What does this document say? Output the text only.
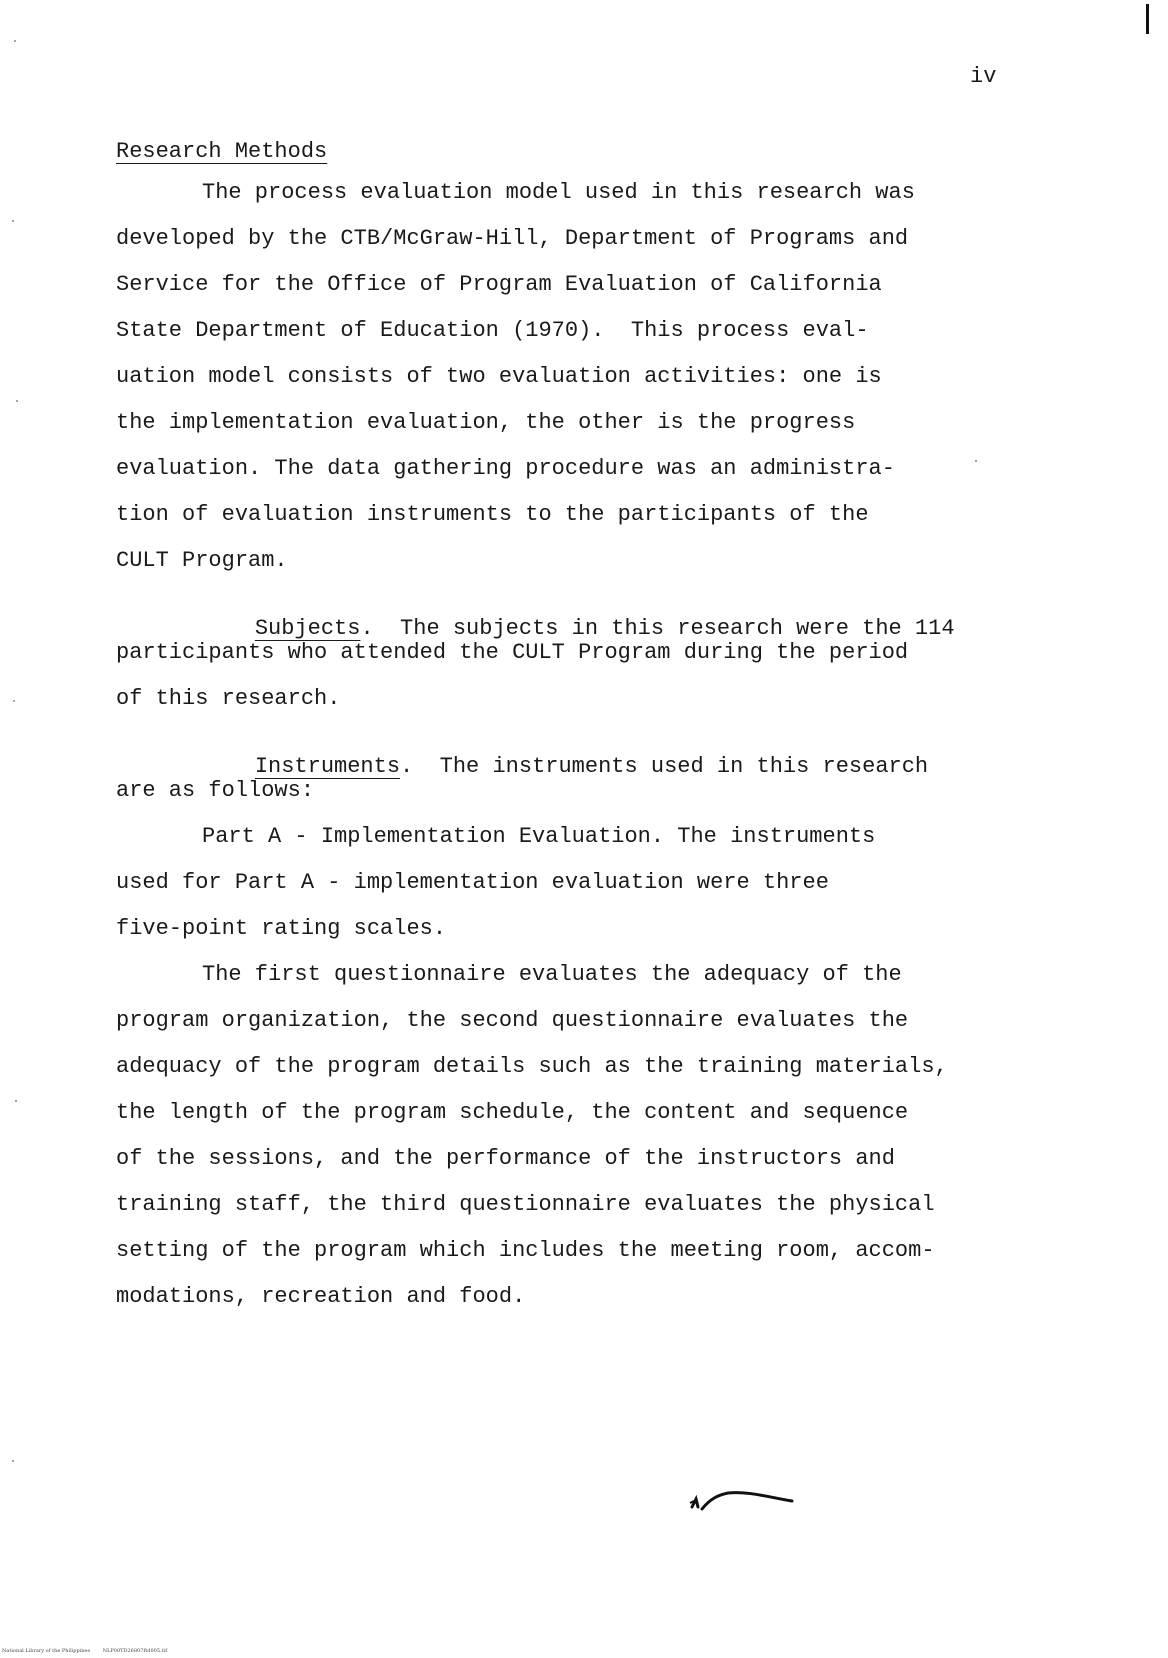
iv
Research Methods
The process evaluation model used in this research was
developed by the CTB/McGraw-Hill, Department of Programs and
Service for the Office of Program Evaluation of California
State Department of Education (1970).  This process eval-
uation model consists of two evaluation activities: one is
the implementation evaluation, the other is the progress
evaluation. The data gathering procedure was an administra-
tion of evaluation instruments to the participants of the
CULT Program.

Subjects.  The subjects in this research were the 114

participants who attended the CULT Program during the period
of this research.

Instruments.  The instruments used in this research

are as follows:
Part A - Implementation Evaluation. The instruments
used for Part A - implementation evaluation were three
five-point rating scales.
The first questionnaire evaluates the adequacy of the
program organization, the second questionnaire evaluates the
adequacy of the program details such as the training materials,
the length of the program schedule, the content and sequence
of the sessions, and the performance of the instructors and
training staff, the third questionnaire evaluates the physical
setting of the program which includes the meeting room, accom-
modations, recreation and food.
National Library of the Philippines	NLP00TD26807ftd005.tif
